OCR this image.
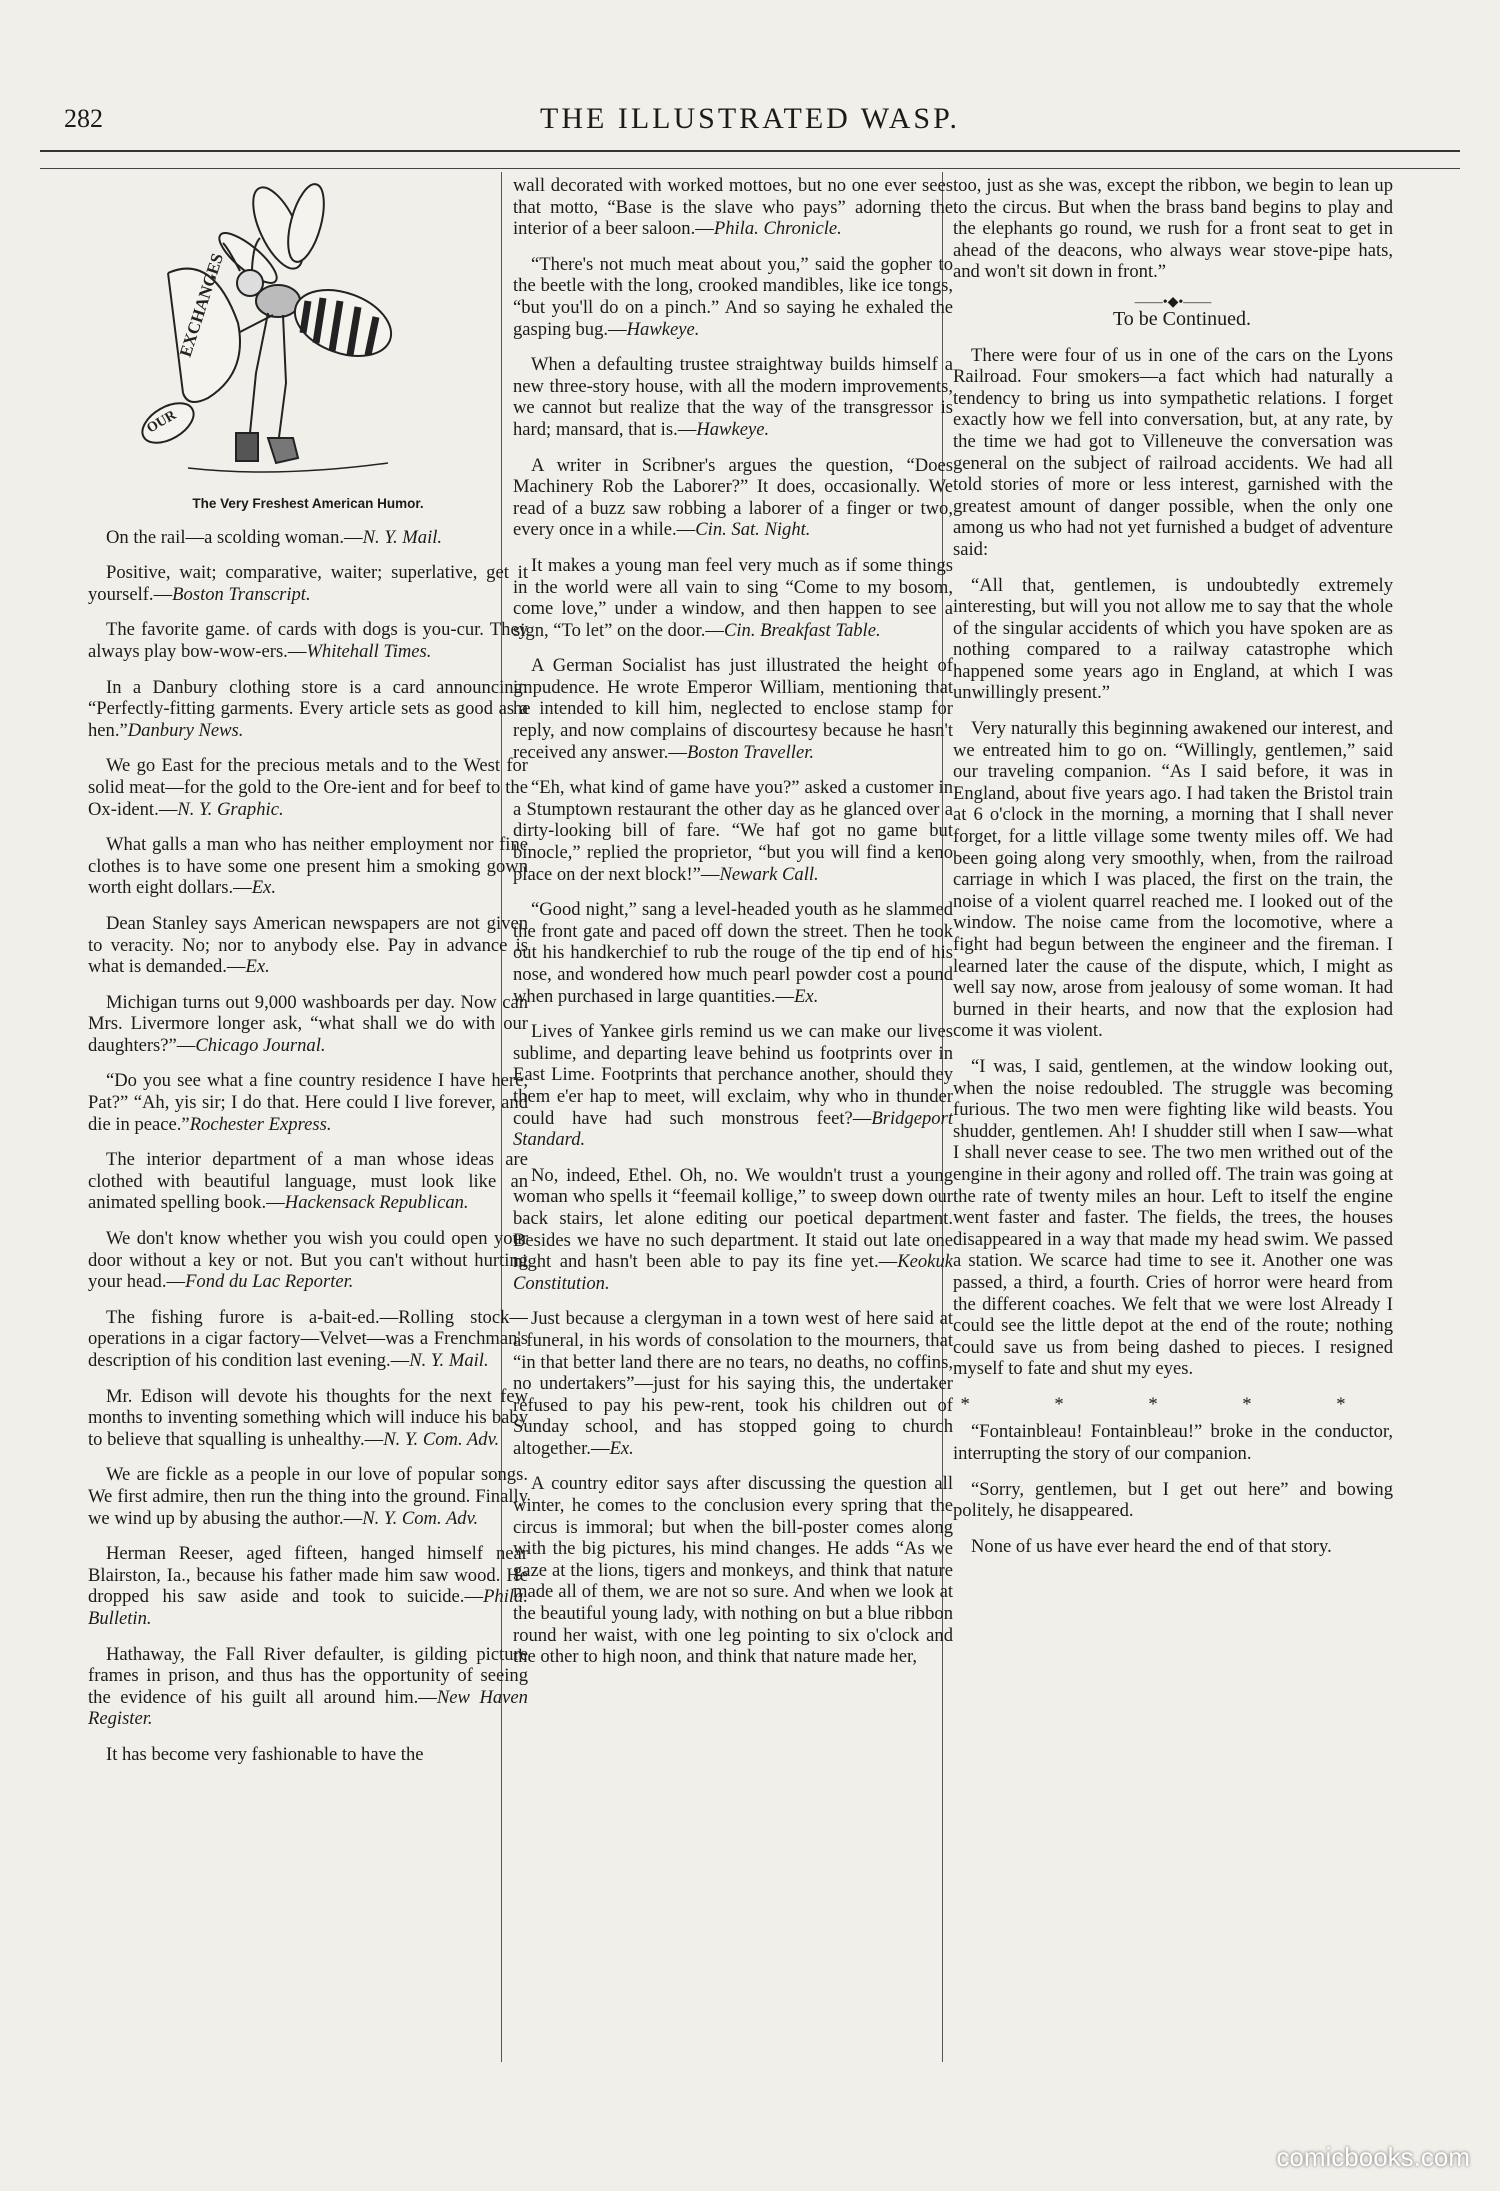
282	THE ILLUSTRATED WASP.
EXCHANGES
OUR
The Very Freshest American Humor.

On the rail—a scolding woman.—N. Y. Mail.

Positive, wait; comparative, waiter; superlative, get it yourself.—Boston Transcript.

The favorite game. of cards with dogs is you-cur. They always play bow-wow-ers.—Whitehall Times.

In a Danbury clothing store is a card announcing: “Perfectly-fitting garments. Every article sets as good as a hen.”Danbury News.

We go East for the precious metals and to the West for solid meat—for the gold to the Ore-ient and for beef to the Ox-ident.—N. Y. Graphic.

What galls a man who has neither employment nor fine clothes is to have some one present him a smoking gown worth eight dollars.—Ex.

Dean Stanley says American newspapers are not given to veracity. No; nor to anybody else. Pay in advance is what is demanded.—Ex.

Michigan turns out 9,000 washboards per day. Now can Mrs. Livermore longer ask, “what shall we do with our daughters?”—Chicago Journal.

“Do you see what a fine country residence I have here, Pat?” “Ah, yis sir; I do that. Here could I live forever, and die in peace.”Rochester Express.

The interior department of a man whose ideas are clothed with beautiful language, must look like an animated spelling book.—Hackensack Republican.

We don't know whether you wish you could open your door without a key or not. But you can't without hurting your head.—Fond du Lac Reporter.

The fishing furore is a-bait-ed.—Rolling stock—operations in a cigar factory—Velvet—was a Frenchman's description of his condition last evening.—N. Y. Mail.

Mr. Edison will devote his thoughts for the next few months to inventing something which will induce his baby to believe that squalling is unhealthy.—N. Y. Com. Adv.

We are fickle as a people in our love of popular songs. We first admire, then run the thing into the ground. Finally we wind up by abusing the author.—N. Y. Com. Adv.

Herman Reeser, aged fifteen, hanged himself near Blairston, Ia., because his father made him saw wood. He dropped his saw aside and took to suicide.—Phila. Bulletin.

Hathaway, the Fall River defaulter, is gilding picture frames in prison, and thus has the opportunity of seeing the evidence of his guilt all around him.—New Haven Register.

It has become very fashionable to have the

wall decorated with worked mottoes, but no one ever sees that motto, “Base is the slave who pays” adorning the interior of a beer saloon.—Phila. Chronicle.

“There's not much meat about you,” said the gopher to the beetle with the long, crooked mandibles, like ice tongs, “but you'll do on a pinch.” And so saying he exhaled the gasping bug.—Hawkeye.

When a defaulting trustee straightway builds himself a new three-story house, with all the modern improvements, we cannot but realize that the way of the transgressor is hard; mansard, that is.—Hawkeye.

A writer in Scribner's argues the question, “Does Machinery Rob the Laborer?” It does, occasionally. We read of a buzz saw robbing a laborer of a finger or two, every once in a while.—Cin. Sat. Night.

It makes a young man feel very much as if some things in the world were all vain to sing “Come to my bosom, come love,” under a window, and then happen to see a sign, “To let” on the door.—Cin. Breakfast Table.

A German Socialist has just illustrated the height of impudence. He wrote Emperor William, mentioning that he intended to kill him, neglected to enclose stamp for reply, and now complains of discourtesy because he hasn't received any answer.—Boston Traveller.

“Eh, what kind of game have you?” asked a customer in a Stumptown restaurant the other day as he glanced over a dirty-looking bill of fare. “We haf got no game but binocle,” replied the proprietor, “but you will find a keno place on der next block!”—Newark Call.

“Good night,” sang a level-headed youth as he slammed the front gate and paced off down the street. Then he took out his handkerchief to rub the rouge of the tip end of his nose, and wondered how much pearl powder cost a pound when purchased in large quantities.—Ex.

Lives of Yankee girls remind us we can make our lives sublime, and departing leave behind us footprints over in East Lime. Footprints that perchance another, should they them e'er hap to meet, will exclaim, why who in thunder could have had such monstrous feet?—Bridgeport Standard.

No, indeed, Ethel. Oh, no. We wouldn't trust a young woman who spells it “feemail kollige,” to sweep down our back stairs, let alone editing our poetical department. Besides we have no such department. It staid out late one night and hasn't been able to pay its fine yet.—Keokuk Constitution.

Just because a clergyman in a town west of here said at a funeral, in his words of consolation to the mourners, that “in that better land there are no tears, no deaths, no coffins, no undertakers”—just for his saying this, the undertaker refused to pay his pew-rent, took his children out of Sunday school, and has stopped going to church altogether.—Ex.

A country editor says after discussing the question all winter, he comes to the conclusion every spring that the circus is immoral; but when the bill-poster comes along with the big pictures, his mind changes. He adds “As we gaze at the lions, tigers and monkeys, and think that nature made all of them, we are not so sure. And when we look at the beautiful young lady, with nothing on but a blue ribbon round her waist, with one leg pointing to six o'clock and the other to high noon, and think that nature made her,

too, just as she was, except the ribbon, we begin to lean up to the circus. But when the brass band begins to play and the elephants go round, we rush for a front seat to get in ahead of the deacons, who always wear stove-pipe hats, and won't sit down in front.”

——•◆•——

To be Continued.

There were four of us in one of the cars on the Lyons Railroad. Four smokers—a fact which had naturally a tendency to bring us into sympathetic relations. I forget exactly how we fell into conversation, but, at any rate, by the time we had got to Villeneuve the conversation was general on the subject of railroad accidents. We had all told stories of more or less interest, garnished with the greatest amount of danger possible, when the only one among us who had not yet furnished a budget of adventure said:

“All that, gentlemen, is undoubtedly extremely interesting, but will you not allow me to say that the whole of the singular accidents of which you have spoken are as nothing compared to a railway catastrophe which happened some years ago in England, at which I was unwillingly present.”

Very naturally this beginning awakened our interest, and we entreated him to go on. “Willingly, gentlemen,” said our traveling companion. “As I said before, it was in England, about five years ago. I had taken the Bristol train at 6 o'clock in the morning, a morning that I shall never forget, for a little village some twenty miles off. We had been going along very smoothly, when, from the railroad carriage in which I was placed, the first on the train, the noise of a violent quarrel reached me. I looked out of the window. The noise came from the locomotive, where a fight had begun between the engineer and the fireman. I learned later the cause of the dispute, which, I might as well say now, arose from jealousy of some woman. It had burned in their hearts, and now that the explosion had come it was violent.

“I was, I said, gentlemen, at the window looking out, when the noise redoubled. The struggle was becoming furious. The two men were fighting like wild beasts. You shudder, gentlemen. Ah! I shudder still when I saw—what I shall never cease to see. The two men writhed out of the engine in their agony and rolled off. The train was going at the rate of twenty miles an hour. Left to itself the engine went faster and faster. The fields, the trees, the houses disappeared in a way that made my head swim. We passed a station. We scarce had time to see it. Another one was passed, a third, a fourth. Cries of horror were heard from the different coaches. We felt that we were lost Already I could see the little depot at the end of the route; nothing could save us from being dashed to pieces. I resigned myself to fate and shut my eyes.

* * * * *

“Fontainbleau! Fontainbleau!” broke in the conductor, interrupting the story of our companion.

“Sorry, gentlemen, but I get out here” and bowing politely, he disappeared.

None of us have ever heard the end of that story.

comicbooks.com
